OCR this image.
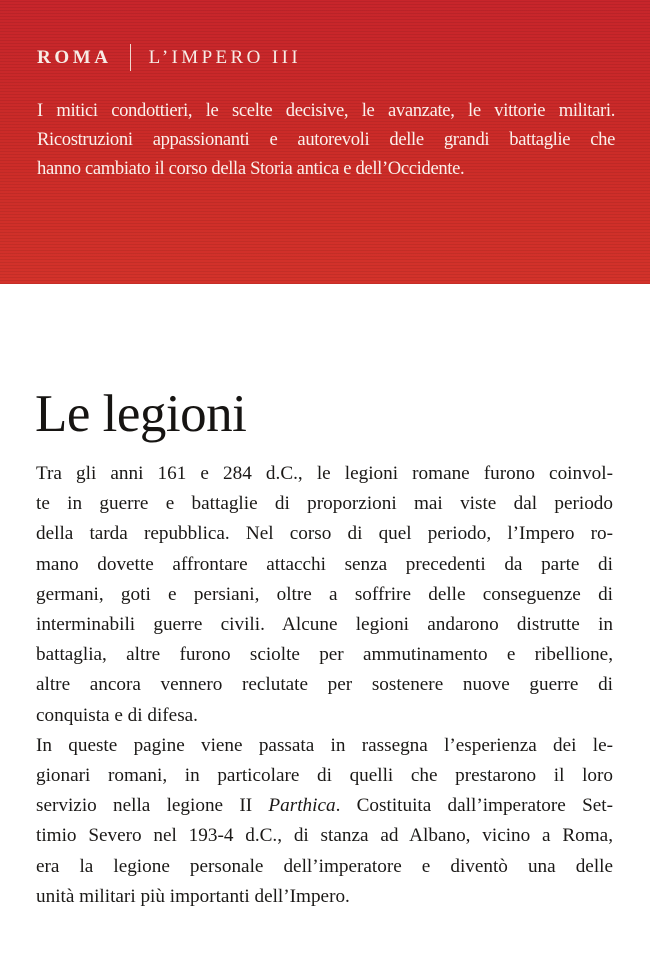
ROMA L’IMPERO III
I mitici condottieri, le scelte decisive, le avanzate, le vittorie militari.
Ricostruzioni appassionanti e autorevoli delle grandi battaglie che
hanno cambiato il corso della Storia antica e dell’Occidente.
Le legioni
Tra gli anni 161 e 284 d.C., le legioni romane furono coinvol-
te in guerre e battaglie di proporzioni mai viste dal periodo
della tarda repubblica. Nel corso di quel periodo, l’Impero ro-
mano dovette affrontare attacchi senza precedenti da parte di
germani, goti e persiani, oltre a soffrire delle conseguenze di
interminabili guerre civili. Alcune legioni andarono distrutte in
battaglia, altre furono sciolte per ammutinamento e ribellione,
altre ancora vennero reclutate per sostenere nuove guerre di
conquista e di difesa.
In queste pagine viene passata in rassegna l’esperienza dei le-
gionari romani, in particolare di quelli che prestarono il loro
servizio nella legione II Parthica. Costituita dall’imperatore Set-
timio Severo nel 193-4 d.C., di stanza ad Albano, vicino a Roma,
era la legione personale dell’imperatore e diventò una delle
unità militari più importanti dell’Impero.
